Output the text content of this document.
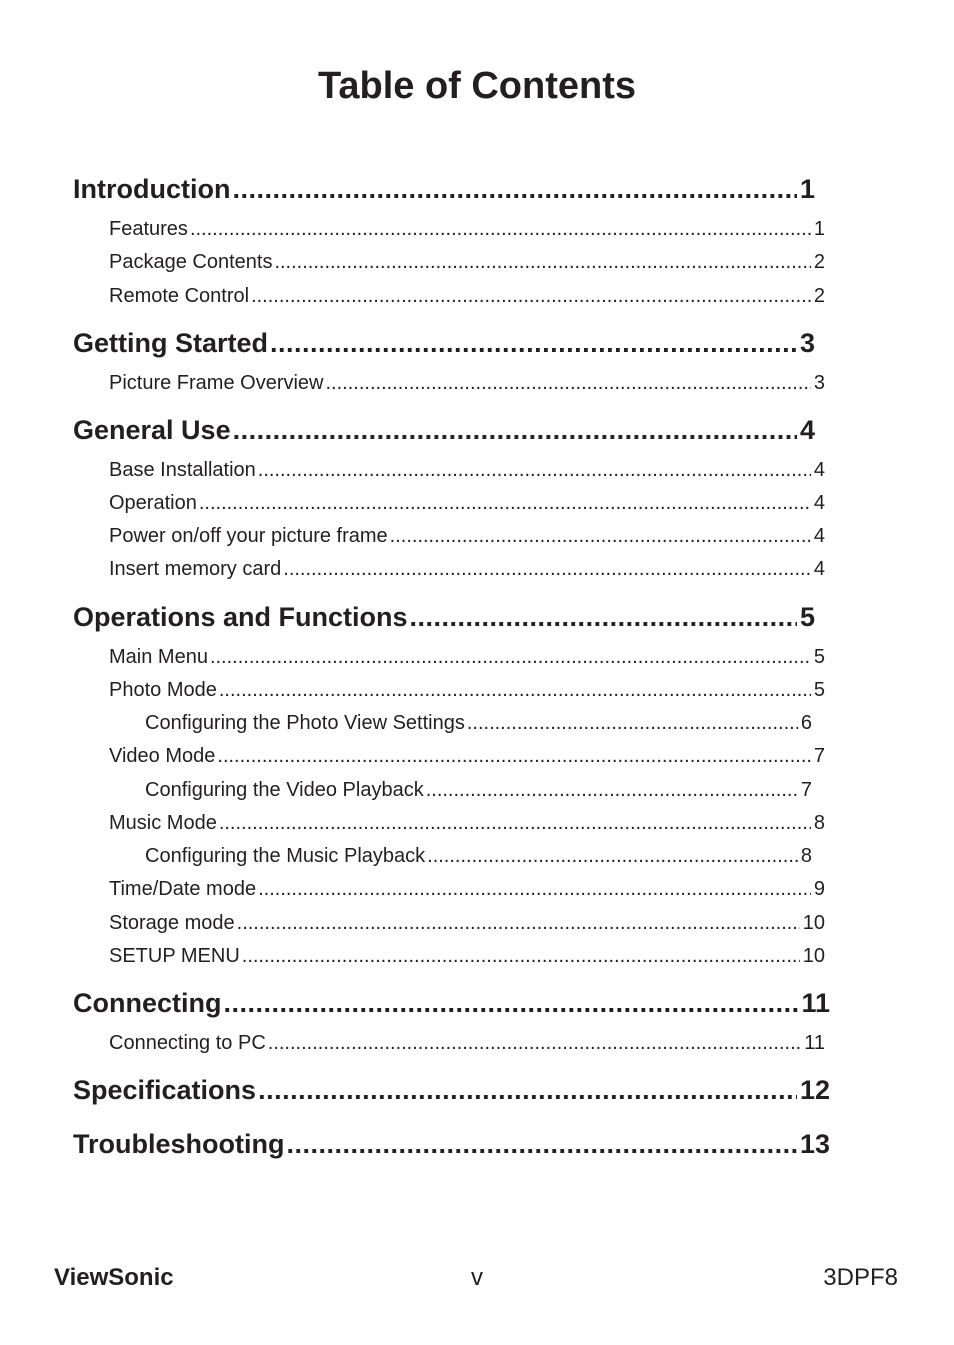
Table of Contents
Introduction .....	1
Features .....	1
Package Contents .....	2
Remote Control .....	2
Getting Started .....	3
Picture Frame Overview .....	3
General Use .....	4
Base Installation .....	4
Operation .....	4
Power on/off your picture frame .....	4
Insert memory card .....	4
Operations and Functions .....	5
Main Menu .....	5
Photo Mode .....	5
Configuring the Photo View Settings .....	6
Video Mode .....	7
Configuring the Video Playback .....	7
Music Mode .....	8
Configuring the Music Playback .....	8
Time/Date mode .....	9
Storage mode .....	10
SETUP MENU .....	10
Connecting .....	11
Connecting to PC .....	11
Specifications .....	12
Troubleshooting .....	13
ViewSonic	v	3DPF8
